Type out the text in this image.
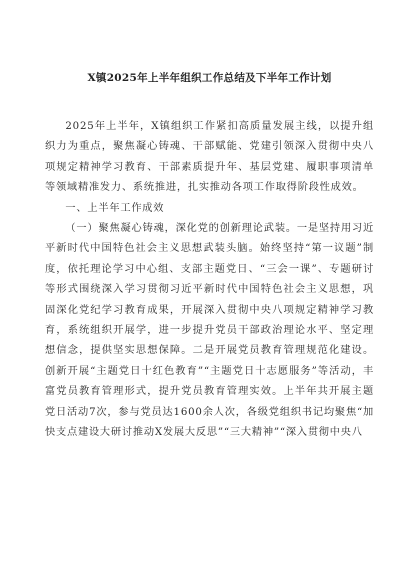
X镇2025年上半年组织工作总结及下半年工作计划

2025年上半年，X镇组织工作紧扣高质量发展主线，以提升组织力为重点，聚焦凝心铸魂、干部赋能、党建引领深入贯彻中央八项规定精神学习教育、干部素质提升年、基层党建、履职事项清单等领域精准发力、系统推进，扎实推动各项工作取得阶段性成效。

一、上半年工作成效

（一）聚焦凝心铸魂，深化党的创新理论武装。一是坚持用习近平新时代中国特色社会主义思想武装头脑。始终坚持“第一议题”制度，依托理论学习中心组、支部主题党日、“三会一课”、专题研讨等形式围绕深入学习贯彻习近平新时代中国特色社会主义思想，巩固深化党纪学习教育成果，开展深入贯彻中央八项规定精神学习教育，系统组织开展学，进一步提升党员干部政治理论水平、坚定理想信念，提供坚实思想保障。二是开展党员教育管理规范化建设。创新开展“主题党日十红色教育”“主题党日十志愿服务”等活动，丰富党员教育管理形式，提升党员教育管理实效。上半年共开展主题党日活动7次，参与党员达1600余人次，各级党组织书记均聚焦“加快支点建设大研讨推动X发展大反思”“三大精神”“深入贯彻中央八
